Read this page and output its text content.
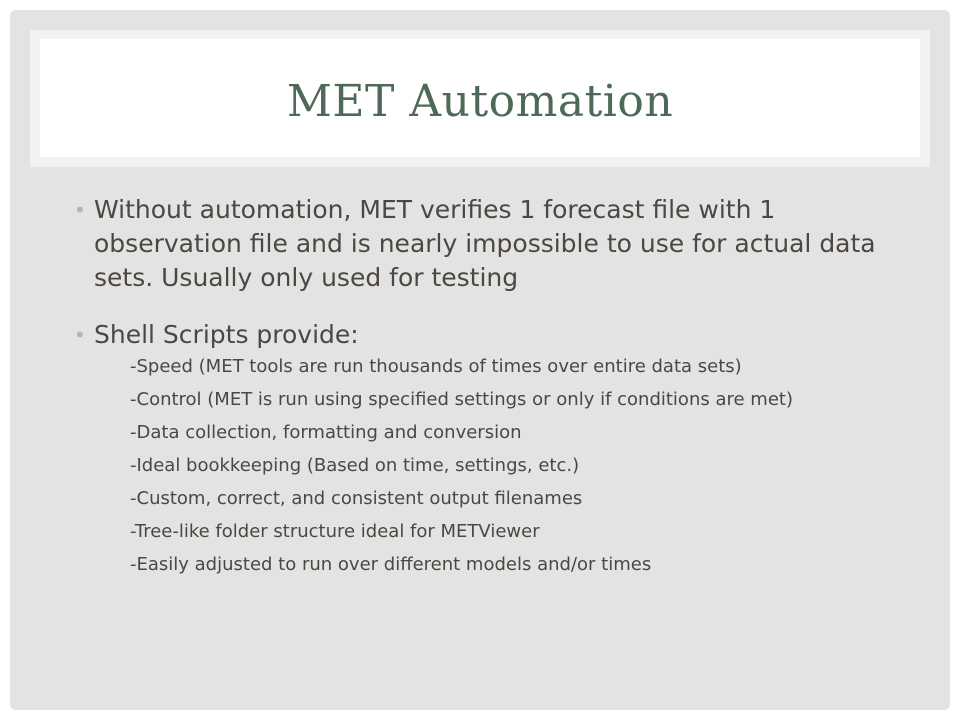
MET Automation
• Without automation, MET verifies 1 forecast file with 1 observation file and is nearly impossible to use for actual data sets. Usually only used for testing
• Shell Scripts provide:
-Speed (MET tools are run thousands of times over entire data sets)
-Control (MET is run using specified settings or only if conditions are met)
-Data collection, formatting and conversion
-Ideal bookkeeping (Based on time, settings, etc.)
-Custom, correct, and consistent output filenames
-Tree-like folder structure ideal for METViewer
-Easily adjusted to run over different models and/or times
